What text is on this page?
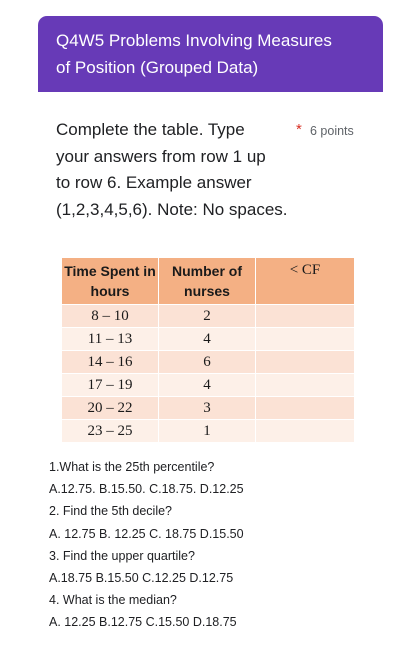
Q4W5 Problems Involving Measures
of Position (Grouped Data)
Complete the table. Type
your answers from row 1 up
to row 6. Example answer
(1,2,3,4,5,6). Note: No spaces.
* 6 points
Time Spent in hours	Number of nurses	< CF
8 – 10	2	
11 – 13	4	
14 – 16	6	
17 – 19	4	
20 – 22	3	
23 – 25	1	
1.What is the 25th percentile?
A.12.75. B.15.50. C.18.75. D.12.25
2. Find the 5th decile?
A. 12.75 B. 12.25 C. 18.75 D.15.50
3. Find the upper quartile?
A.18.75 B.15.50 C.12.25 D.12.75
4. What is the median?
A. 12.25 B.12.75 C.15.50 D.18.75
